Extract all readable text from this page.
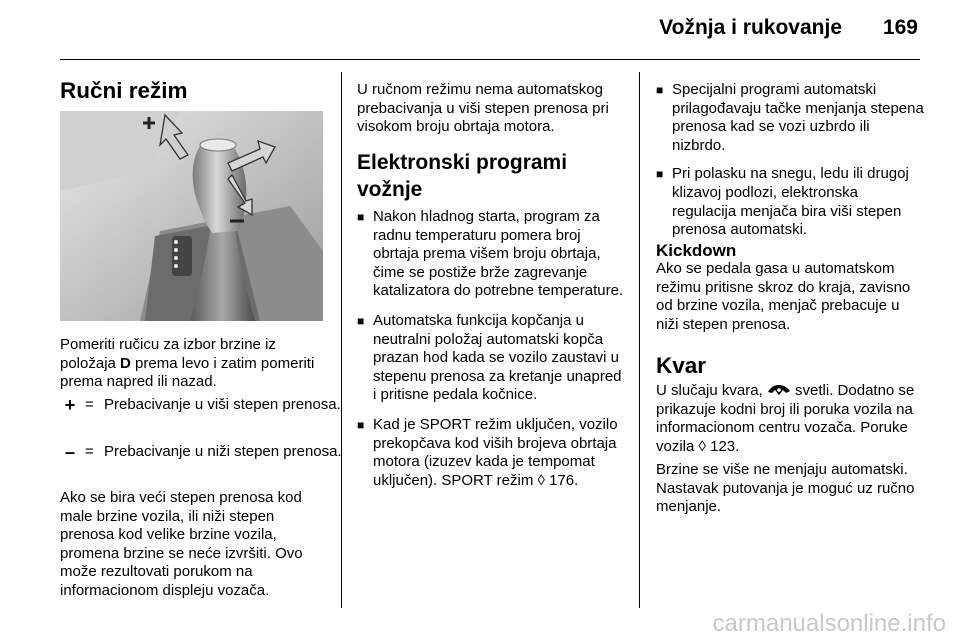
Vožnja i rukovanje 169
Ručni režim

Pomeriti ručicu za izbor brzine iz položaja D prema levo i zatim pomeriti prema napred ili nazad.

+ = Prebacivanje u viši stepen prenosa.
– = Prebacivanje u niži stepen prenosa.

Ako se bira veći stepen prenosa kod male brzine vozila, ili niži stepen prenosa kod velike brzine vozila, promena brzine se neće izvršiti. Ovo može rezultovati porukom na informacionom displeju vozača.

U ručnom režimu nema automatskog prebacivanja u viši stepen prenosa pri visokom broju obrtaja motora.

Elektronski programi vožnje
■ Nakon hladnog starta, program za radnu temperaturu pomera broj obrtaja prema višem broju obrtaja, čime se postiže brže zagrevanje katalizatora do potrebne temperature.
■ Automatska funkcija kopčanja u neutralni položaj automatski kopča prazan hod kada se vozilo zaustavi u stepenu prenosa za kretanje unapred i pritisne pedala kočnice.
■ Kad je SPORT režim uključen, vozilo prekopčava kod viših brojeva obrtaja motora (izuzev kada je tempomat uključen). SPORT režim ◊ 176.
■ Specijalni programi automatski prilagođavaju tačke menjanja stepena prenosa kad se vozi uzbrdo ili nizbrdo.
■ Pri polasku na snegu, ledu ili drugoj klizavoj podlozi, elektronska regulacija menjača bira viši stepen prenosa automatski.
Kickdown

Ako se pedala gasa u automatskom režimu pritisne skroz do kraja, zavisno od brzine vozila, menjač prebacuje u niži stepen prenosa.

Kvar

U slučaju kvara,  svetli. Dodatno se prikazuje kodni broj ili poruka vozila na informacionom centru vozača. Poruke vozila ◊ 123.

Brzine se više ne menjaju automatski. Nastavak putovanja je moguć uz ručno menjanje.

carmanualsonline.info
